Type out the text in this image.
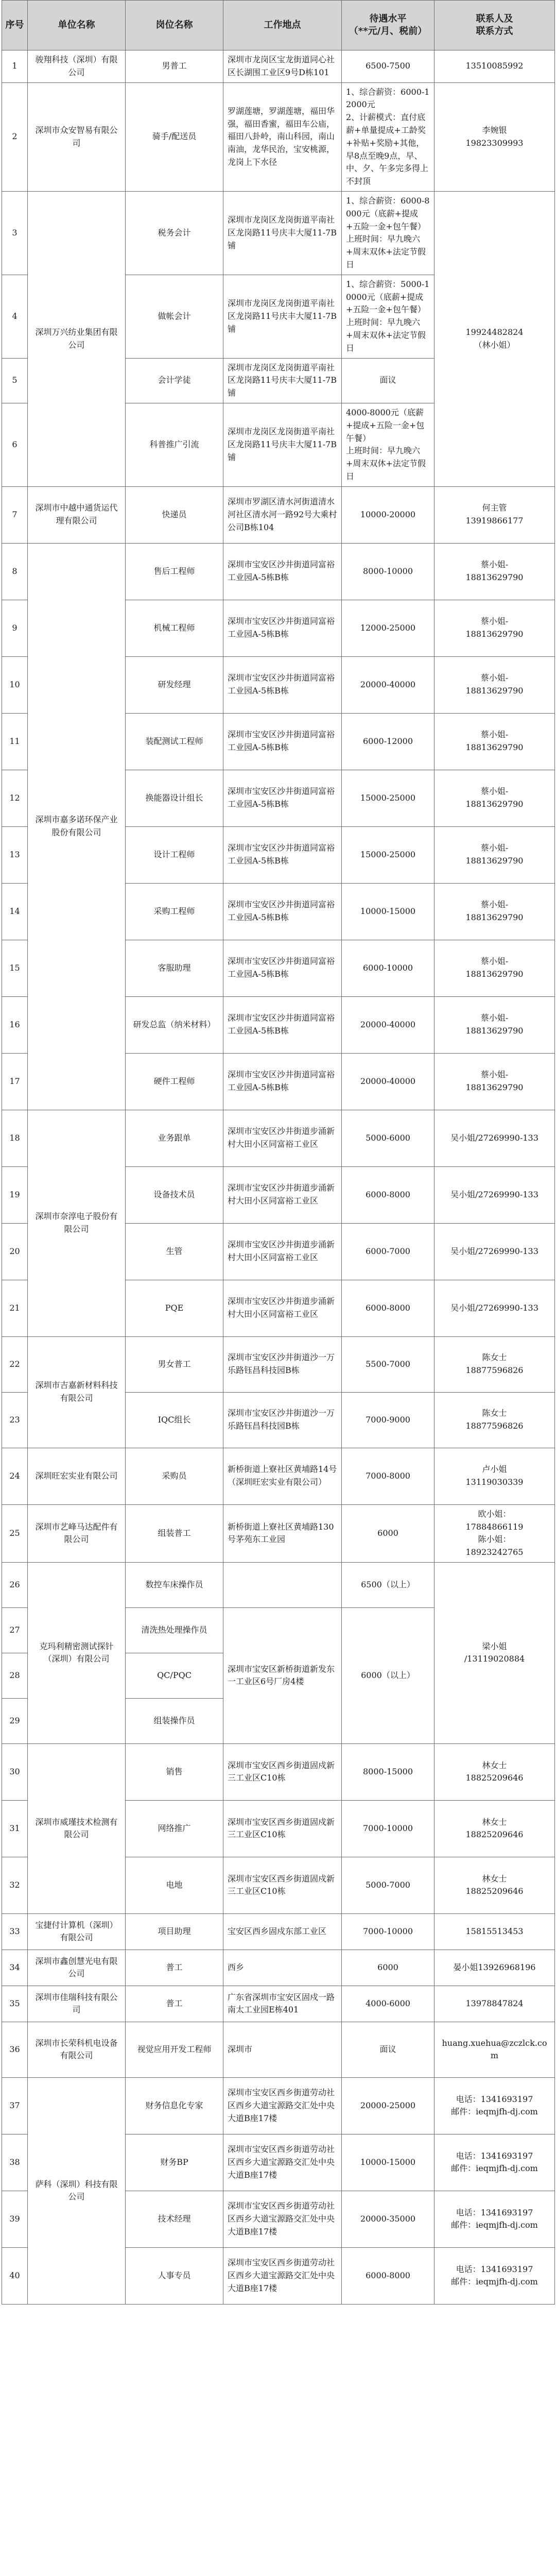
序号	单位名称	岗位名称	工作地点	待遇水平
（**元/月、税前）	联系人及
联系方式

1	骏翔科技（深圳）有限公司	男普工	深圳市龙岗区宝龙街道同心社区长湖围工业区9号D栋101	6500-7500	13510085992
2	深圳市众安智易有限公司	骑手/配送员	罗湖莲塘，罗湖莲塘，福田华强，福田香蜜，福田车公庙，福田八卦岭，南山科园，南山南油，龙华民治，宝安桃源，龙岗上下水径	1、综合薪资：6000-12000元
2、计薪模式：直付底薪+单量提成+工龄奖+补贴+奖励+其他，早8点至晚9点，早、中、夕、午多完多得上不封顶	李婉银
19823309993
3	深圳万兴纺业集团有限公司	税务会计	深圳市龙岗区龙岗街道平南社区龙岗路11号庆丰大厦11-7B铺	1、综合薪资：6000-8000元（底薪+提成+五险一金+包午餐）
上班时间：早九晚六+周末双休+法定节假日	19924482824
（林小姐）
4		做帐会计	深圳市龙岗区龙岗街道平南社区龙岗路11号庆丰大厦11-7B铺	1、综合薪资：5000-10000元（底薪+提成+五险一金+包午餐）
上班时间：早九晚六+周末双休+法定节假日	
5		会计学徒	深圳市龙岗区龙岗街道平南社区龙岗路11号庆丰大厦11-7B铺	面议	
6		科普推广引流	深圳市龙岗区龙岗街道平南社区龙岗路11号庆丰大厦11-7B铺	4000-8000元（底薪+提成+五险一金+包午餐）
上班时间：早九晚六+周末双休+法定节假日	
7	深圳市中越中通货运代理有限公司	快递员	深圳市罗湖区清水河街道清水河社区清水河一路92号大乘村公司B栋104	10000-20000	何主管
13919866177
8	深圳市嘉多诺环保产业股份有限公司	售后工程师	深圳市宝安区沙井街道同富裕工业园A-5栋B栋	8000-10000	蔡小姐-
18813629790
9		机械工程师	深圳市宝安区沙井街道同富裕工业园A-5栋B栋	12000-25000	蔡小姐-
18813629790
10		研发经理	深圳市宝安区沙井街道同富裕工业园A-5栋B栋	20000-40000	蔡小姐-
18813629790
11		装配测试工程师	深圳市宝安区沙井街道同富裕工业园A-5栋B栋	6000-12000	蔡小姐-
18813629790
12		换能器设计组长	深圳市宝安区沙井街道同富裕工业园A-5栋B栋	15000-25000	蔡小姐-
18813629790
13		设计工程师	深圳市宝安区沙井街道同富裕工业园A-5栋B栋	15000-25000	蔡小姐-
18813629790
14		采购工程师	深圳市宝安区沙井街道同富裕工业园A-5栋B栋	10000-15000	蔡小姐-
18813629790
15		客服助理	深圳市宝安区沙井街道同富裕工业园A-5栋B栋	6000-10000	蔡小姐-
18813629790
16		研发总监（纳米材料）	深圳市宝安区沙井街道同富裕工业园A-5栋B栋	20000-40000	蔡小姐-
18813629790
17		硬件工程师	深圳市宝安区沙井街道同富裕工业园A-5栋B栋	20000-40000	蔡小姐-
18813629790
18	深圳市奈淳电子股份有限公司	业务跟单	深圳市宝安区沙井街道步涌新村大田小区同富裕工业区	5000-6000	吴小姐/27269990-133
19		设备技术员	深圳市宝安区沙井街道步涌新村大田小区同富裕工业区	6000-8000	吴小姐/27269990-133
20		生管	深圳市宝安区沙井街道步涌新村大田小区同富裕工业区	6000-7000	吴小姐/27269990-133
21		PQE	深圳市宝安区沙井街道步涌新村大田小区同富裕工业区	6000-8000	吴小姐/27269990-133
22	深圳市吉嘉新材料科技有限公司	男女普工	深圳市宝安区沙井街道沙一万乐路钰昌科技园B栋	5500-7000	陈女士
18877596826
23		IQC组长	深圳市宝安区沙井街道沙一万乐路钰昌科技园B栋	7000-9000	陈女士
18877596826
24	深圳旺宏实业有限公司	采购员	新桥街道上寮社区黄埔路14号（深圳旺宏实业有限公司）	7000-8000	卢小姐
13119030339
25	深圳市艺峰马达配件有限公司	组装普工	新桥街道上寮社区黄埔路130号茅苑东工业园	6000	欧小姐：
17884866119
陈小姐：
18923242765
26	克玛利精密测试探针（深圳）有限公司	数控车床操作员		6500（以上）	梁小姐
/13119020884
27		清洗热处理操作员	深圳市宝安区新桥街道新发东一工业区6号厂房4楼	6000（以上）	
28		QC/PQC			
29		组装操作员			
30	深圳市威瑾技术检测有限公司	销售	深圳市宝安区西乡街道固戍新三工业区C10栋	8000-15000	林女士
18825209646
31		网络推广	深圳市宝安区西乡街道固戍新三工业区C10栋	7000-10000	林女士
18825209646
32		电地	深圳市宝安区西乡街道固戍新三工业区C10栋	5000-7000	林女士
18825209646
33	宝捷付计算机（深圳）有限公司	项目助理	宝安区西乡固戍东部工业区	7000-10000	15815513453
34	深圳市鑫创慧光电有限公司	普工	西乡	6000	晏小姐13926968196
35	深圳市佳瑞科技有限公司	普工	广东省深圳市宝安区固戍一路南太工业园E栋401	4000-6000	13978847824
36	深圳市长荣科机电设备有限公司	视觉应用开发工程师	深圳市	面议	huang.xuehua@zczlck.com
37	萨科（深圳）科技有限公司	财务信息化专家	深圳市宝安区西乡街道劳动社区西乡大道宝源路交汇处中央大道B座17楼	20000-25000	电话：1341693197
邮件：ieqmjfh-dj.com
38		财务BP	深圳市宝安区西乡街道劳动社区西乡大道宝源路交汇处中央大道B座17楼	10000-15000	电话：1341693197
邮件：ieqmjfh-dj.com
39		技术经理	深圳市宝安区西乡街道劳动社区西乡大道宝源路交汇处中央大道B座17楼	20000-35000	电话：1341693197
邮件：ieqmjfh-dj.com
40		人事专员	深圳市宝安区西乡街道劳动社区西乡大道宝源路交汇处中央大道B座17楼	6000-8000	电话：1341693197
邮件：ieqmjfh-dj.com
